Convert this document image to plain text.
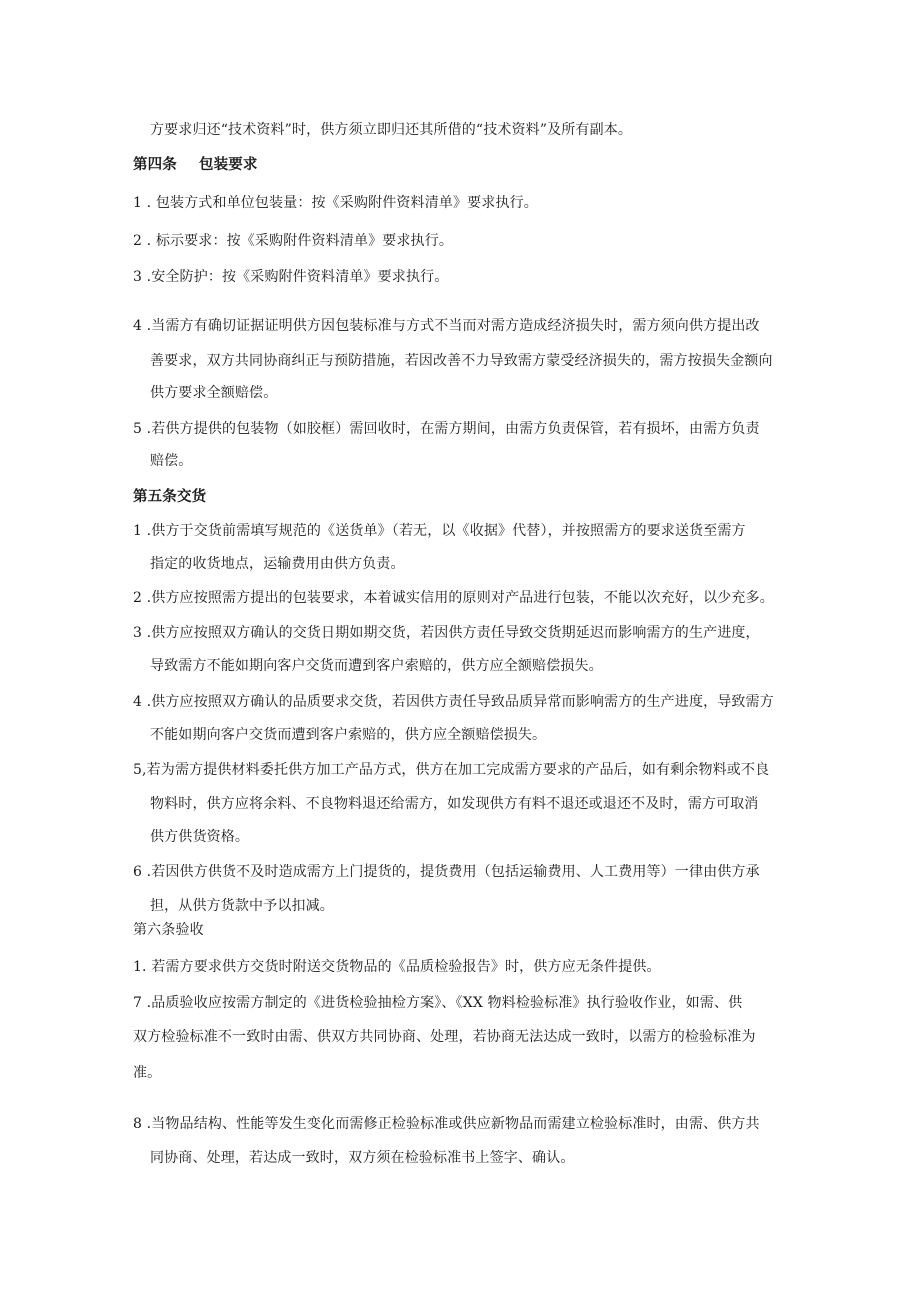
方要求归还“技术资料”时，供方须立即归还其所借的“技术资料”及所有副本。
第四条 包装要求
1 . 包装方式和单位包装量：按《采购附件资料清单》要求执行。
2 . 标示要求：按《采购附件资料清单》要求执行。
3 .安全防护：按《采购附件资料清单》要求执行。
4 .当需方有确切证据证明供方因包装标准与方式不当而对需方造成经济损失时，需方须向供方提出改
善要求，双方共同协商纠正与预防措施，若因改善不力导致需方蒙受经济损失的，需方按损失金额向
供方要求全额赔偿。
5 .若供方提供的包装物（如胶框）需回收时，在需方期间，由需方负责保管，若有损坏，由需方负责
赔偿。
第五条交货
1 .供方于交货前需填写规范的《送货单》（若无，以《收据》代替），并按照需方的要求送货至需方
指定的收货地点，运输费用由供方负责。
2 .供方应按照需方提出的包装要求，本着诚实信用的原则对产品进行包装，不能以次充好，以少充多。
3 .供方应按照双方确认的交货日期如期交货，若因供方责任导致交货期延迟而影响需方的生产进度，
导致需方不能如期向客户交货而遭到客户索赔的，供方应全额赔偿损失。
4 .供方应按照双方确认的品质要求交货，若因供方责任导致品质异常而影响需方的生产进度，导致需方
不能如期向客户交货而遭到客户索赔的，供方应全额赔偿损失。
5,若为需方提供材料委托供方加工产品方式，供方在加工完成需方要求的产品后，如有剩余物料或不良
物料时，供方应将余料、不良物料退还给需方，如发现供方有料不退还或退还不及时，需方可取消
供方供货资格。
6 .若因供方供货不及时造成需方上门提货的，提货费用（包括运输费用、人工费用等）一律由供方承
担，从供方货款中予以扣减。
第六条验收
1. 若需方要求供方交货时附送交货物品的《品质检验报告》时，供方应无条件提供。
7 .品质验收应按需方制定的《进货检验抽检方案》、《XX 物料检验标准》执行验收作业，如需、供
双方检验标准不一致时由需、供双方共同协商、处理，若协商无法达成一致时，以需方的检验标准为
准。
8 .当物品结构、性能等发生变化而需修正检验标准或供应新物品而需建立检验标准时，由需、供方共
同协商、处理，若达成一致时，双方须在检验标准书上签字、确认。
